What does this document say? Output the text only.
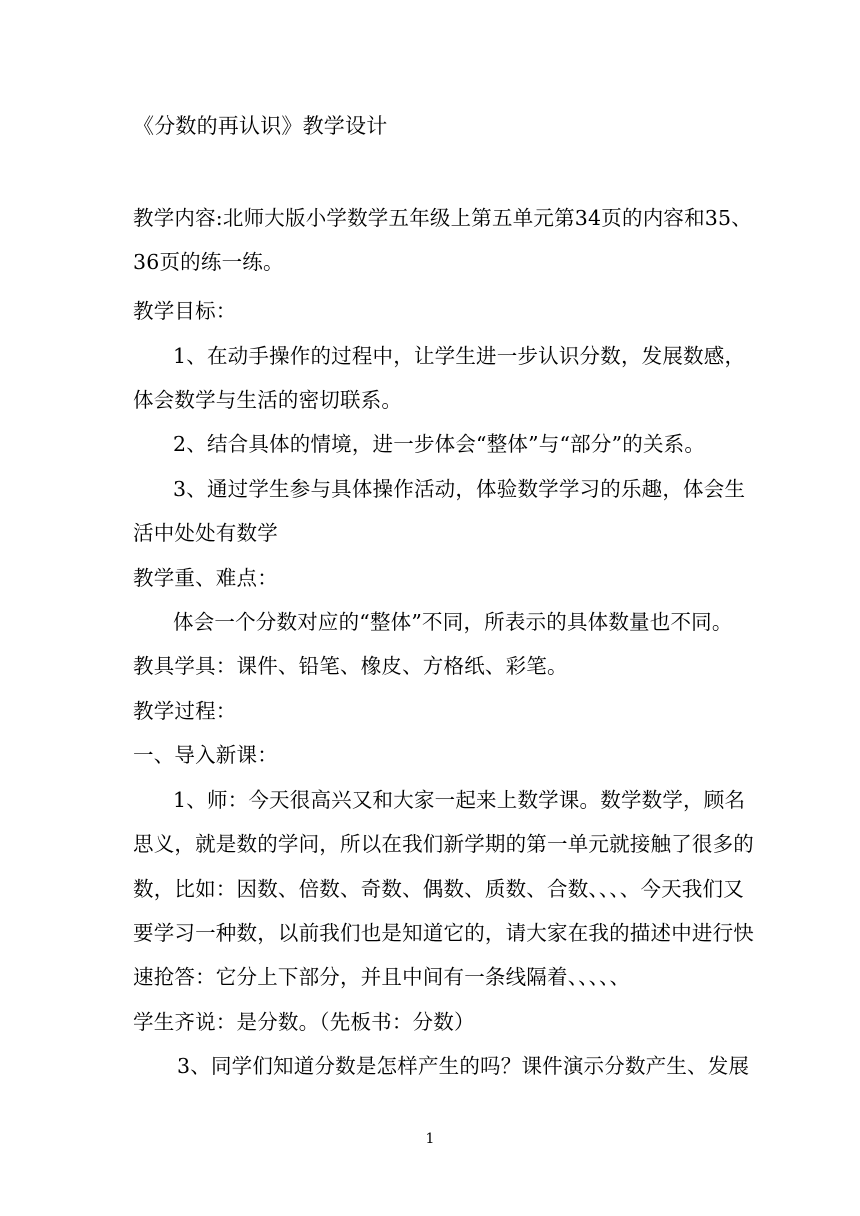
《分数的再认识》教学设计
教学内容:北师大版小学数学五年级上第五单元第34页的内容和35、
36页的练一练。
教学目标：
1、在动手操作的过程中，让学生进一步认识分数，发展数感，
体会数学与生活的密切联系。
2、结合具体的情境，进一步体会“整体”与“部分”的关系。
3、通过学生参与具体操作活动，体验数学学习的乐趣，体会生
活中处处有数学
教学重、难点：
体会一个分数对应的“整体”不同，所表示的具体数量也不同。
教具学具：课件、铅笔、橡皮、方格纸、彩笔。
教学过程：
一、导入新课：
1、师：今天很高兴又和大家一起来上数学课。数学数学，顾名
思义，就是数的学问，所以在我们新学期的第一单元就接触了很多的
数，比如：因数、倍数、奇数、偶数、质数、合数、、、、今天我们又
要学习一种数，以前我们也是知道它的，请大家在我的描述中进行快
速抢答：它分上下部分，并且中间有一条线隔着、、、、、
学生齐说：是分数。（先板书：分数）
3、同学们知道分数是怎样产生的吗？课件演示分数产生、发展
1
